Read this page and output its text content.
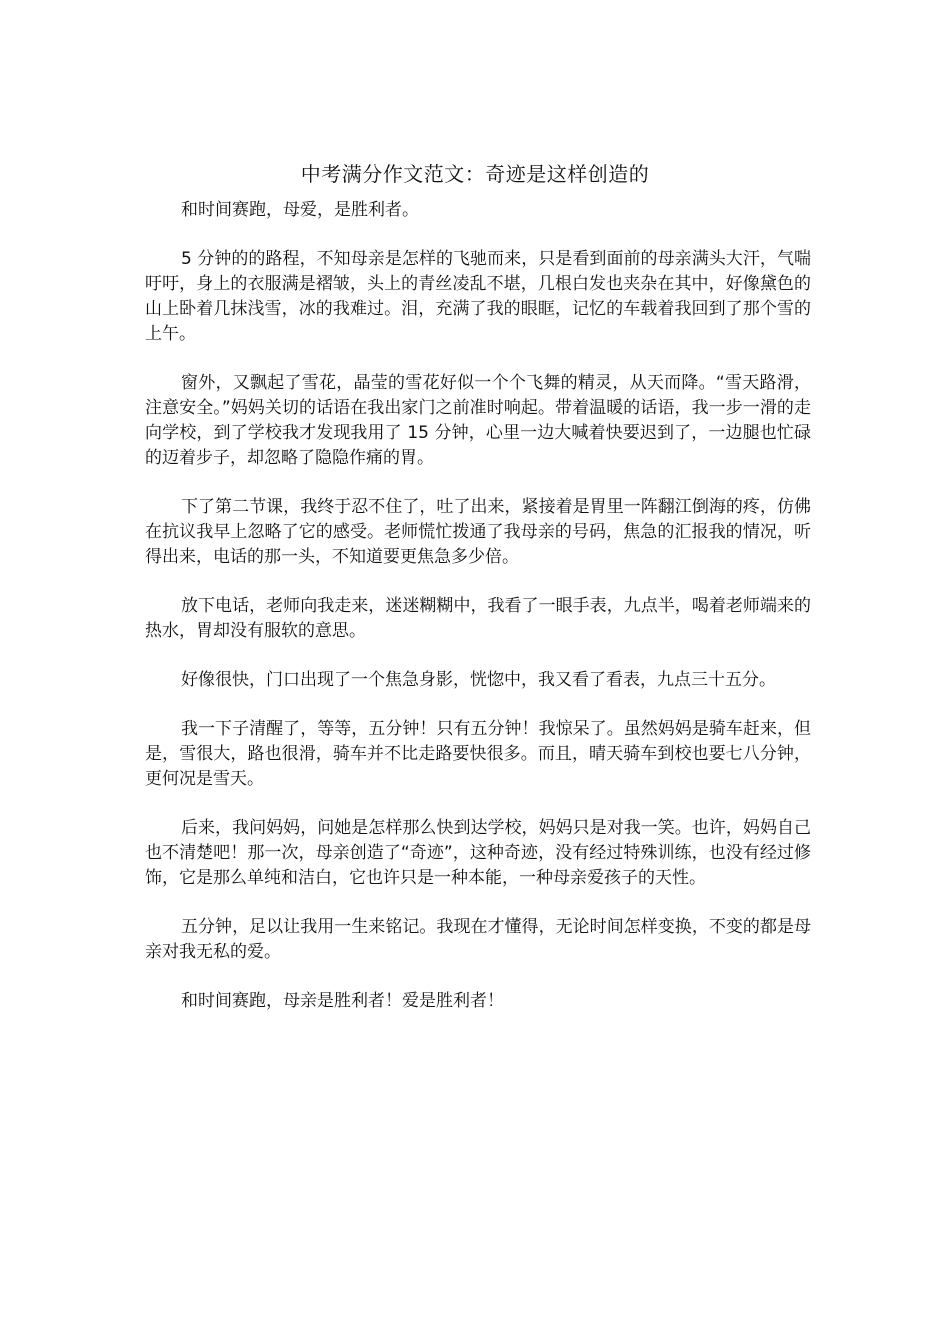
中考满分作文范文：奇迹是这样创造的

和时间赛跑，母爱，是胜利者。

5 分钟的的路程，不知母亲是怎样的飞驰而来，只是看到面前的母亲满头大汗，气喘吁吁，身上的衣服满是褶皱，头上的青丝凌乱不堪，几根白发也夹杂在其中，好像黛色的山上卧着几抹浅雪，冰的我难过。泪，充满了我的眼眶，记忆的车载着我回到了那个雪的上午。

窗外，又飘起了雪花，晶莹的雪花好似一个个飞舞的精灵，从天而降。“雪天路滑，注意安全。”妈妈关切的话语在我出家门之前准时响起。带着温暖的话语，我一步一滑的走向学校，到了学校我才发现我用了 15 分钟，心里一边大喊着快要迟到了，一边腿也忙碌的迈着步子，却忽略了隐隐作痛的胃。

下了第二节课，我终于忍不住了，吐了出来，紧接着是胃里一阵翻江倒海的疼，仿佛在抗议我早上忽略了它的感受。老师慌忙拨通了我母亲的号码，焦急的汇报我的情况，听得出来，电话的那一头，不知道要更焦急多少倍。

放下电话，老师向我走来，迷迷糊糊中，我看了一眼手表，九点半，喝着老师端来的热水，胃却没有服软的意思。

好像很快，门口出现了一个焦急身影，恍惚中，我又看了看表，九点三十五分。

我一下子清醒了，等等，五分钟！只有五分钟！我惊呆了。虽然妈妈是骑车赶来，但是，雪很大，路也很滑，骑车并不比走路要快很多。而且，晴天骑车到校也要七八分钟，更何况是雪天。

后来，我问妈妈，问她是怎样那么快到达学校，妈妈只是对我一笑。也许，妈妈自己也不清楚吧！那一次，母亲创造了“奇迹”，这种奇迹，没有经过特殊训练，也没有经过修饰，它是那么单纯和洁白，它也许只是一种本能，一种母亲爱孩子的天性。

五分钟，足以让我用一生来铭记。我现在才懂得，无论时间怎样变换，不变的都是母亲对我无私的爱。

和时间赛跑，母亲是胜利者！爱是胜利者！
